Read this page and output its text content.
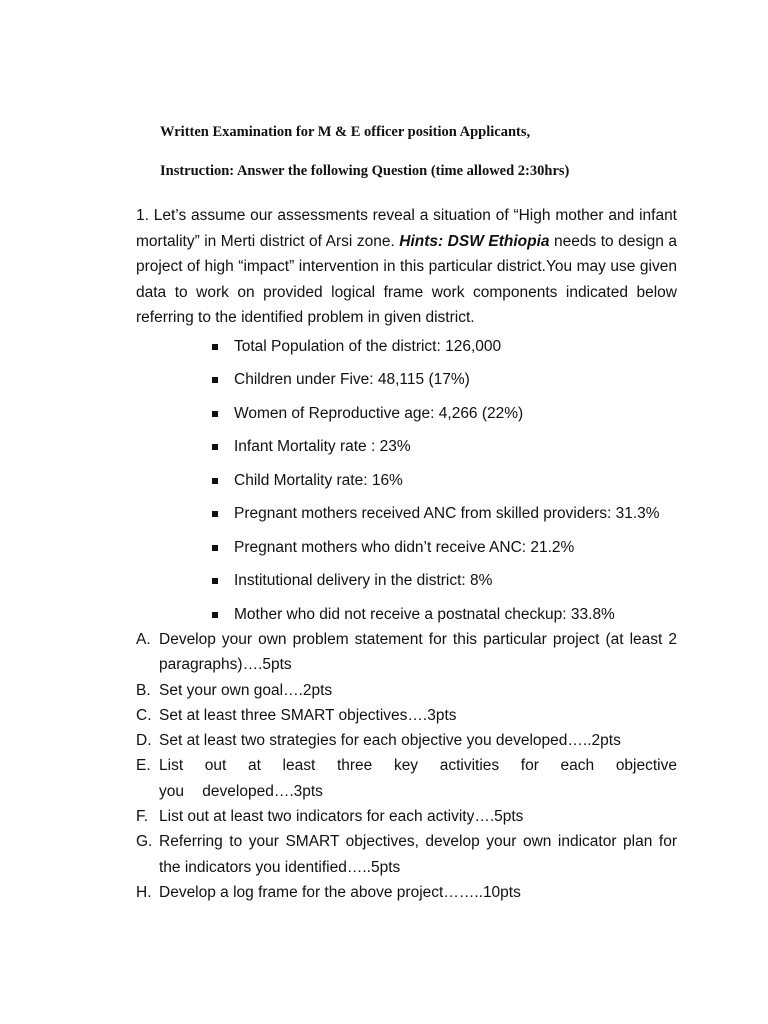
Written Examination for M & E officer position Applicants,
Instruction: Answer the following Question (time allowed 2:30hrs)
1. Let’s assume our assessments reveal a situation of “High mother and infant mortality” in Merti district of Arsi zone. Hints: DSW Ethiopia needs to design a project of high “impact” intervention in this particular district.You may use given data to work on provided logical frame work components indicated below referring to the identified problem in given district.
Total Population of the district: 126,000
Children under Five: 48,115 (17%)
Women of Reproductive age: 4,266 (22%)
Infant Mortality rate : 23%
Child Mortality rate: 16%
Pregnant mothers received ANC from skilled providers: 31.3%
Pregnant mothers who didn’t receive ANC: 21.2%
Institutional delivery in the district: 8%
Mother who did not receive a postnatal checkup: 33.8%
A. Develop your own problem statement for this particular project (at least 2 paragraphs)….5pts
B. Set your own goal….2pts
C. Set at least three SMART objectives….3pts
D. Set at least two strategies for each objective you developed…..2pts
E. List out at least three key activities for each objective you developed….3pts
F. List out at least two indicators for each activity….5pts
G. Referring to your SMART objectives, develop your own indicator plan for the indicators you identified…..5pts
H. Develop a log frame for the above project……..10pts
